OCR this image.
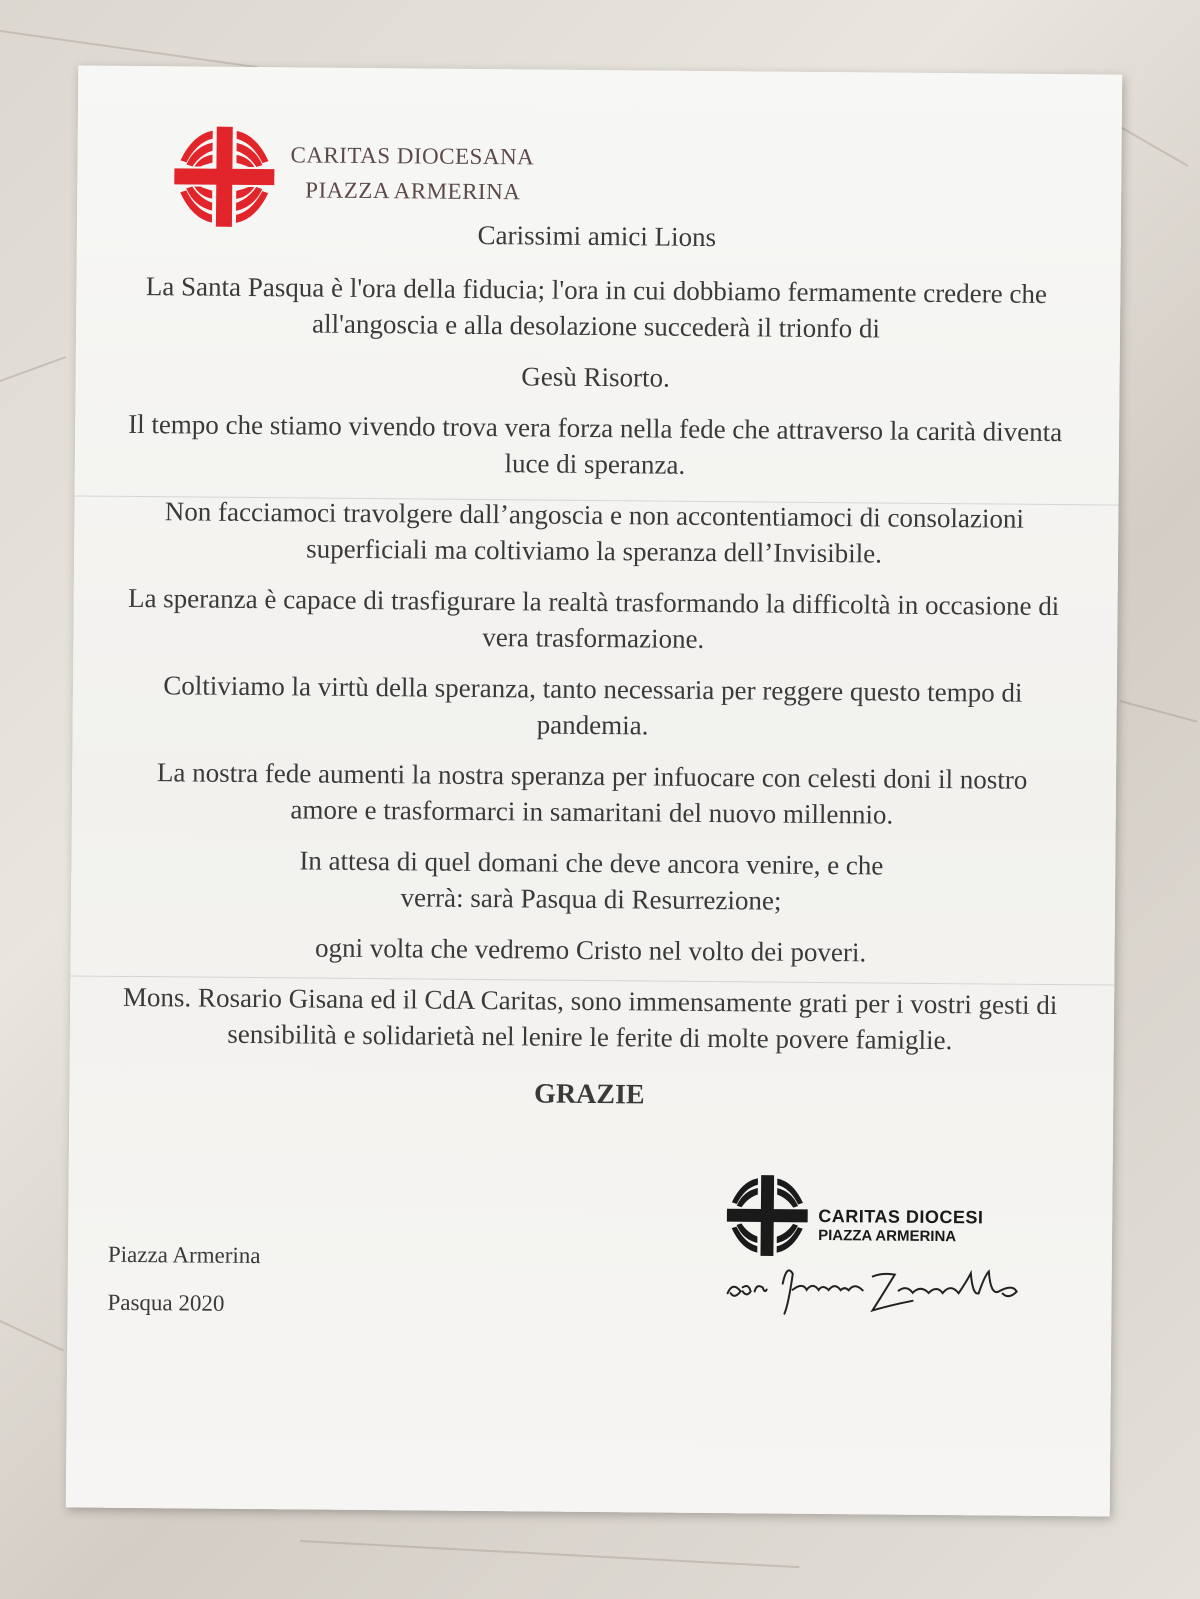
CARITAS DIOCESANA
PIAZZA ARMERINA

Carissimi amici Lions

La Santa Pasqua è l'ora della fiducia; l'ora in cui dobbiamo fermamente credere che all'angoscia e alla desolazione succederà il trionfo di

Gesù Risorto.

Il tempo che stiamo vivendo trova vera forza nella fede che attraverso la carità diventa luce di speranza.

Non facciamoci travolgere dall’angoscia e non accontentiamoci di consolazioni superficiali ma coltiviamo la speranza dell’Invisibile.

La speranza è capace di trasfigurare la realtà trasformando la difficoltà in occasione di vera trasformazione.

Coltiviamo la virtù della speranza, tanto necessaria per reggere questo tempo di pandemia.

La nostra fede aumenti la nostra speranza per infuocare con celesti doni il nostro amore e trasformarci in samaritani del nuovo millennio.

In attesa di quel domani che deve ancora venire, e che verrà: sarà Pasqua di Resurrezione;

ogni volta che vedremo Cristo nel volto dei poveri.

Mons. Rosario Gisana ed il CdA Caritas, sono immensamente grati per i vostri gesti di sensibilità e solidarietà nel lenire le ferite di molte povere famiglie.

GRAZIE

Piazza Armerina
Pasqua 2020
CARITAS DIOCESI
PIAZZA ARMERINA
